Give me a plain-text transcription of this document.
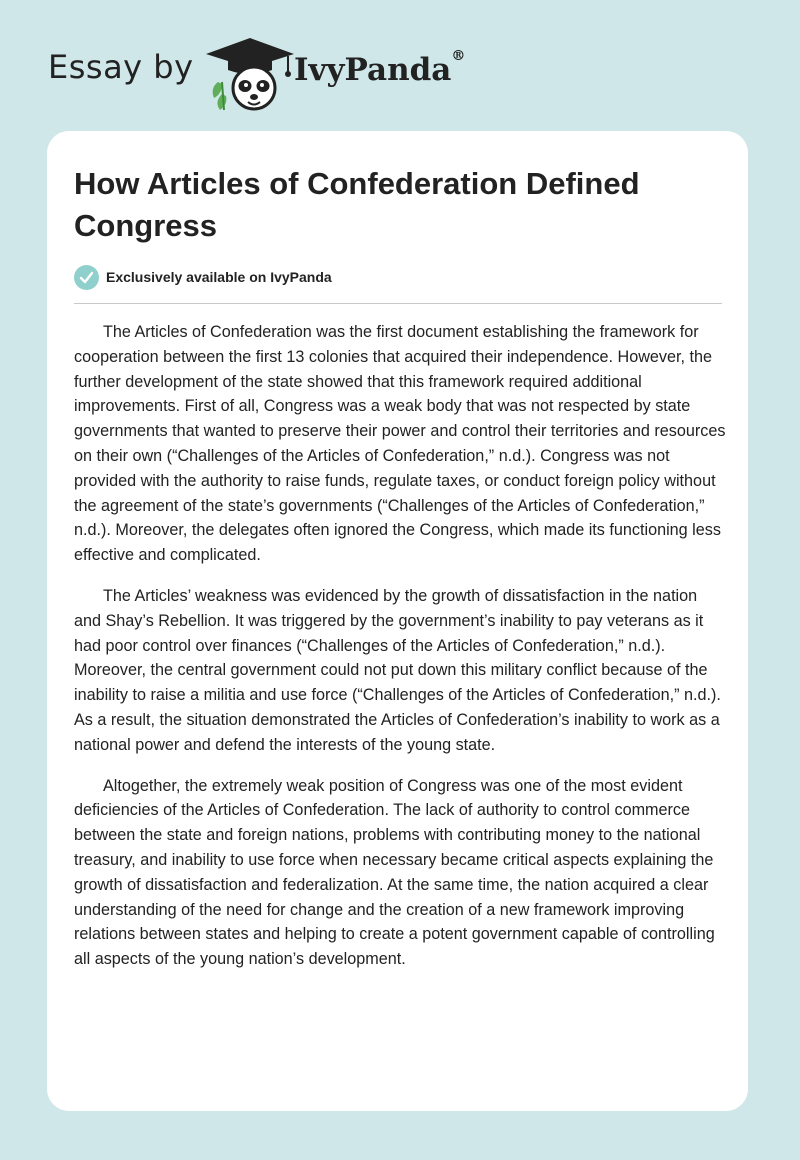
Essay by	IvyPanda®
How Articles of Confederation Defined Congress
Exclusively available on IvyPanda

The Articles of Confederation was the first document establishing the framework for cooperation between the first 13 colonies that acquired their independence. However, the further development of the state showed that this framework required additional improvements. First of all, Congress was a weak body that was not respected by state governments that wanted to preserve their power and control their territories and resources on their own (“Challenges of the Articles of Confederation,” n.d.). Congress was not provided with the authority to raise funds, regulate taxes, or conduct foreign policy without the agreement of the state’s governments (“Challenges of the Articles of Confederation,” n.d.). Moreover, the delegates often ignored the Congress, which made its functioning less effective and complicated.

The Articles’ weakness was evidenced by the growth of dissatisfaction in the nation and Shay’s Rebellion. It was triggered by the government’s inability to pay veterans as it had poor control over finances (“Challenges of the Articles of Confederation,” n.d.). Moreover, the central government could not put down this military conflict because of the inability to raise a militia and use force (“Challenges of the Articles of Confederation,” n.d.). As a result, the situation demonstrated the Articles of Confederation’s inability to work as a national power and defend the interests of the young state.

Altogether, the extremely weak position of Congress was one of the most evident deficiencies of the Articles of Confederation. The lack of authority to control commerce between the state and foreign nations, problems with contributing money to the national treasury, and inability to use force when necessary became critical aspects explaining the growth of dissatisfaction and federalization. At the same time, the nation acquired a clear understanding of the need for change and the creation of a new framework improving relations between states and helping to create a potent government capable of controlling all aspects of the young nation’s development.
